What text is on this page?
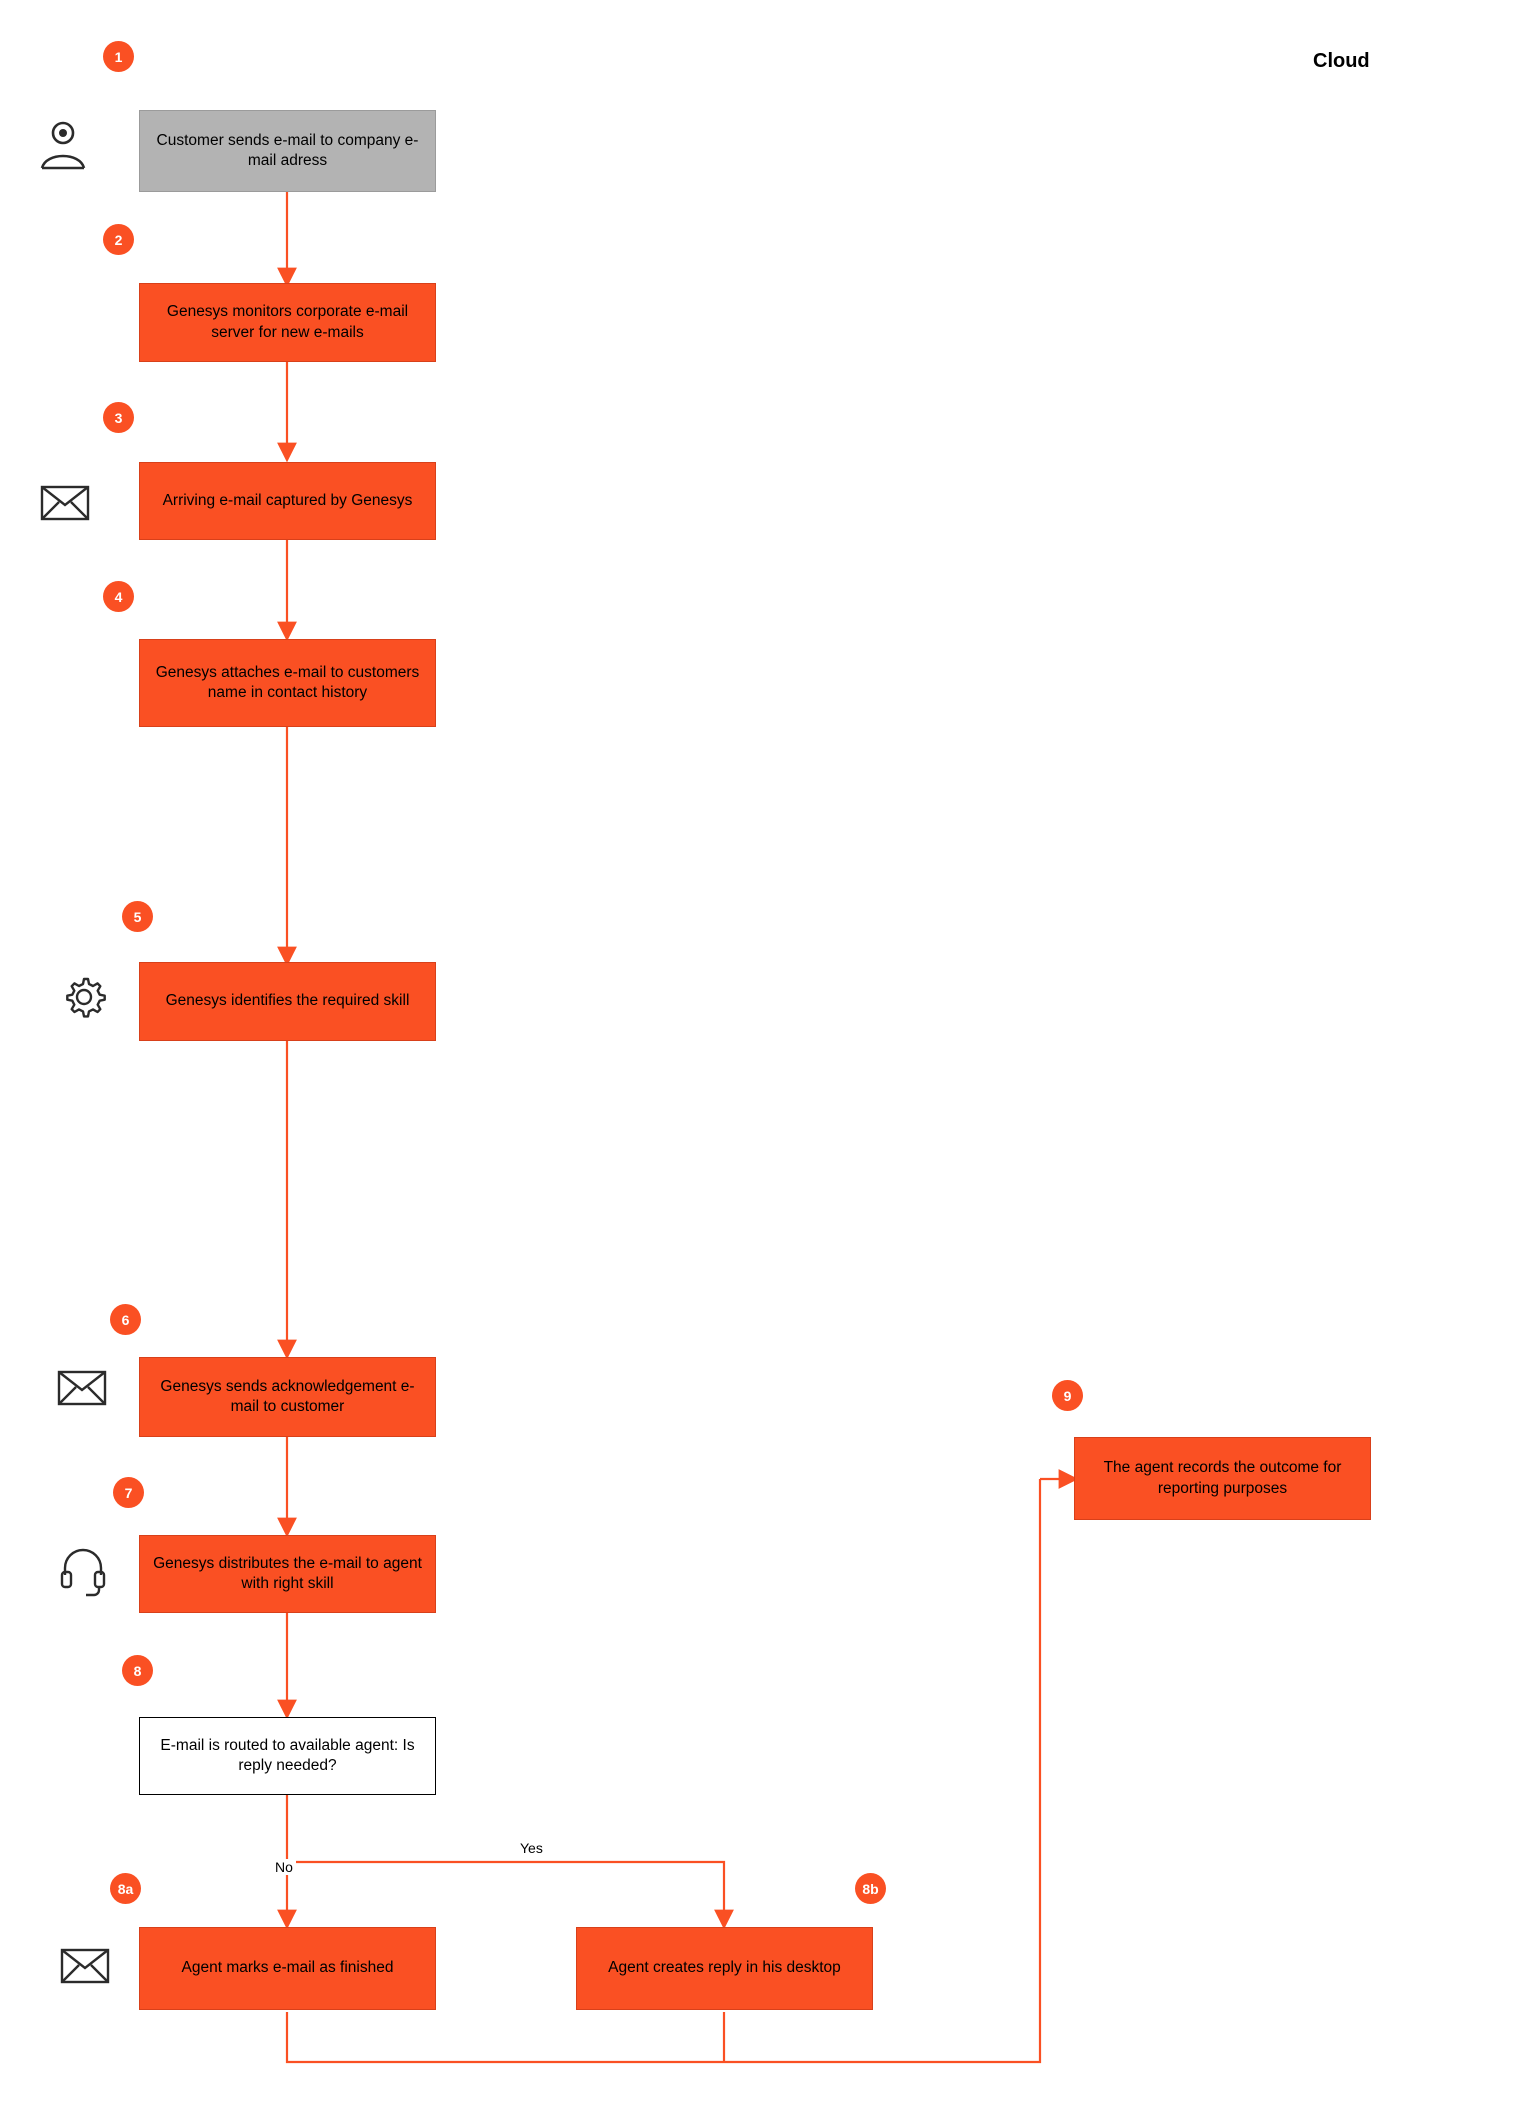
Cloud
Customer sends e-mail to company e-mail adress
1
Genesys monitors corporate e-mail server for new e-mails
2
Arriving e-mail captured by Genesys
3
Genesys attaches e-mail to customers name in contact history
4
Genesys identifies the required skill
5
Genesys sends acknowledgement e-mail to customer
6
Genesys distributes the e-mail to agent with right skill
7
E-mail is routed to available agent: Is reply needed?
8
Agent marks e-mail as finished
8a
Agent creates reply in his desktop
8b
The agent records the outcome for reporting purposes
9
No
Yes
